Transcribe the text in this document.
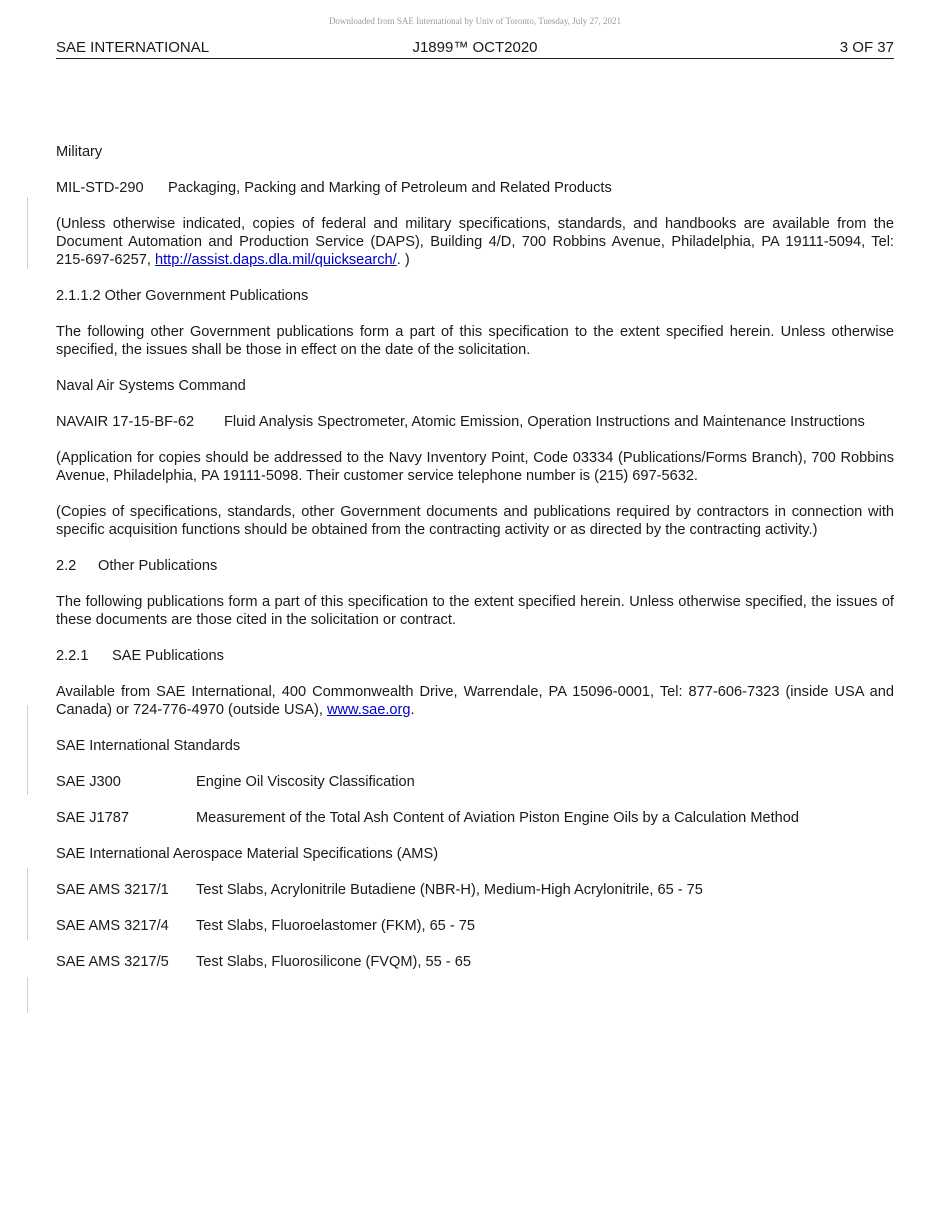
Downloaded from SAE International by Univ of Toronto, Tuesday, July 27, 2021
SAE INTERNATIONAL	J1899™ OCT2020	3 OF 37

Military

MIL-STD-290	Packaging, Packing and Marking of Petroleum and Related Products

(Unless otherwise indicated, copies of federal and military specifications, standards, and handbooks are available from the Document Automation and Production Service (DAPS), Building 4/D, 700 Robbins Avenue, Philadelphia, PA 19111-5094, Tel: 215-697-6257, http://assist.daps.dla.mil/quicksearch/. )

2.1.1.2 Other Government Publications

The following other Government publications form a part of this specification to the extent specified herein. Unless otherwise specified, the issues shall be those in effect on the date of the solicitation.

Naval Air Systems Command

NAVAIR 17-15-BF-62	Fluid Analysis Spectrometer, Atomic Emission, Operation Instructions and Maintenance Instructions

(Application for copies should be addressed to the Navy Inventory Point, Code 03334 (Publications/Forms Branch), 700 Robbins Avenue, Philadelphia, PA 19111-5098. Their customer service telephone number is (215) 697-5632.

(Copies of specifications, standards, other Government documents and publications required by contractors in connection with specific acquisition functions should be obtained from the contracting activity or as directed by the contracting activity.)

2.2 Other Publications

The following publications form a part of this specification to the extent specified herein. Unless otherwise specified, the issues of these documents are those cited in the solicitation or contract.

2.2.1 SAE Publications

Available from SAE International, 400 Commonwealth Drive, Warrendale, PA 15096-0001, Tel: 877-606-7323 (inside USA and Canada) or 724-776-4970 (outside USA), www.sae.org.

SAE International Standards

SAE J300	Engine Oil Viscosity Classification
SAE J1787	Measurement of the Total Ash Content of Aviation Piston Engine Oils by a Calculation Method

SAE International Aerospace Material Specifications (AMS)

SAE AMS 3217/1	Test Slabs, Acrylonitrile Butadiene (NBR-H), Medium-High Acrylonitrile, 65 - 75
SAE AMS 3217/4	Test Slabs, Fluoroelastomer (FKM), 65 - 75
SAE AMS 3217/5	Test Slabs, Fluorosilicone (FVQM), 55 - 65
